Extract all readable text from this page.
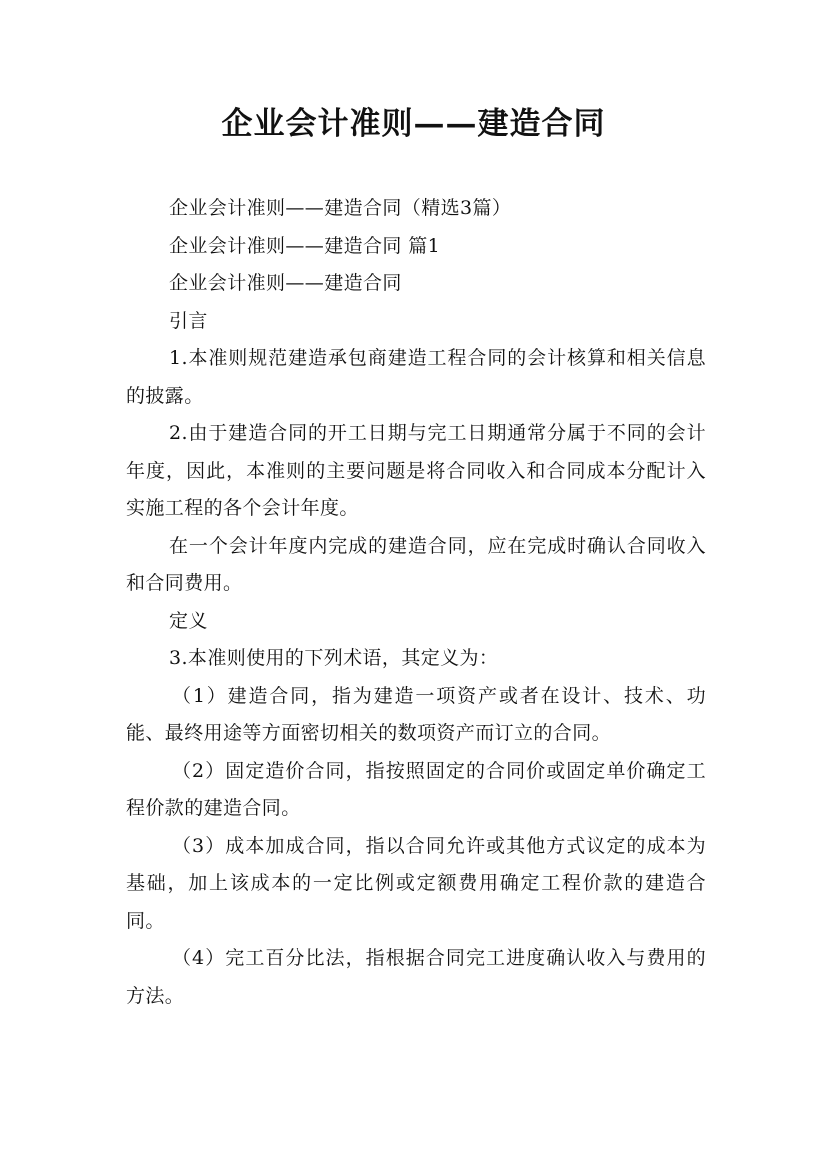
企业会计准则——建造合同

企业会计准则——建造合同（精选3篇）

企业会计准则——建造合同 篇1

企业会计准则——建造合同

引言

1.本准则规范建造承包商建造工程合同的会计核算和相关信息的披露。

2.由于建造合同的开工日期与完工日期通常分属于不同的会计年度，因此，本准则的主要问题是将合同收入和合同成本分配计入实施工程的各个会计年度。

在一个会计年度内完成的建造合同，应在完成时确认合同收入和合同费用。

定义

3.本准则使用的下列术语，其定义为：

（1）建造合同，指为建造一项资产或者在设计、技术、功能、最终用途等方面密切相关的数项资产而订立的合同。

（2）固定造价合同，指按照固定的合同价或固定单价确定工程价款的建造合同。

（3）成本加成合同，指以合同允许或其他方式议定的成本为基础，加上该成本的一定比例或定额费用确定工程价款的建造合同。

（4）完工百分比法，指根据合同完工进度确认收入与费用的方法。
